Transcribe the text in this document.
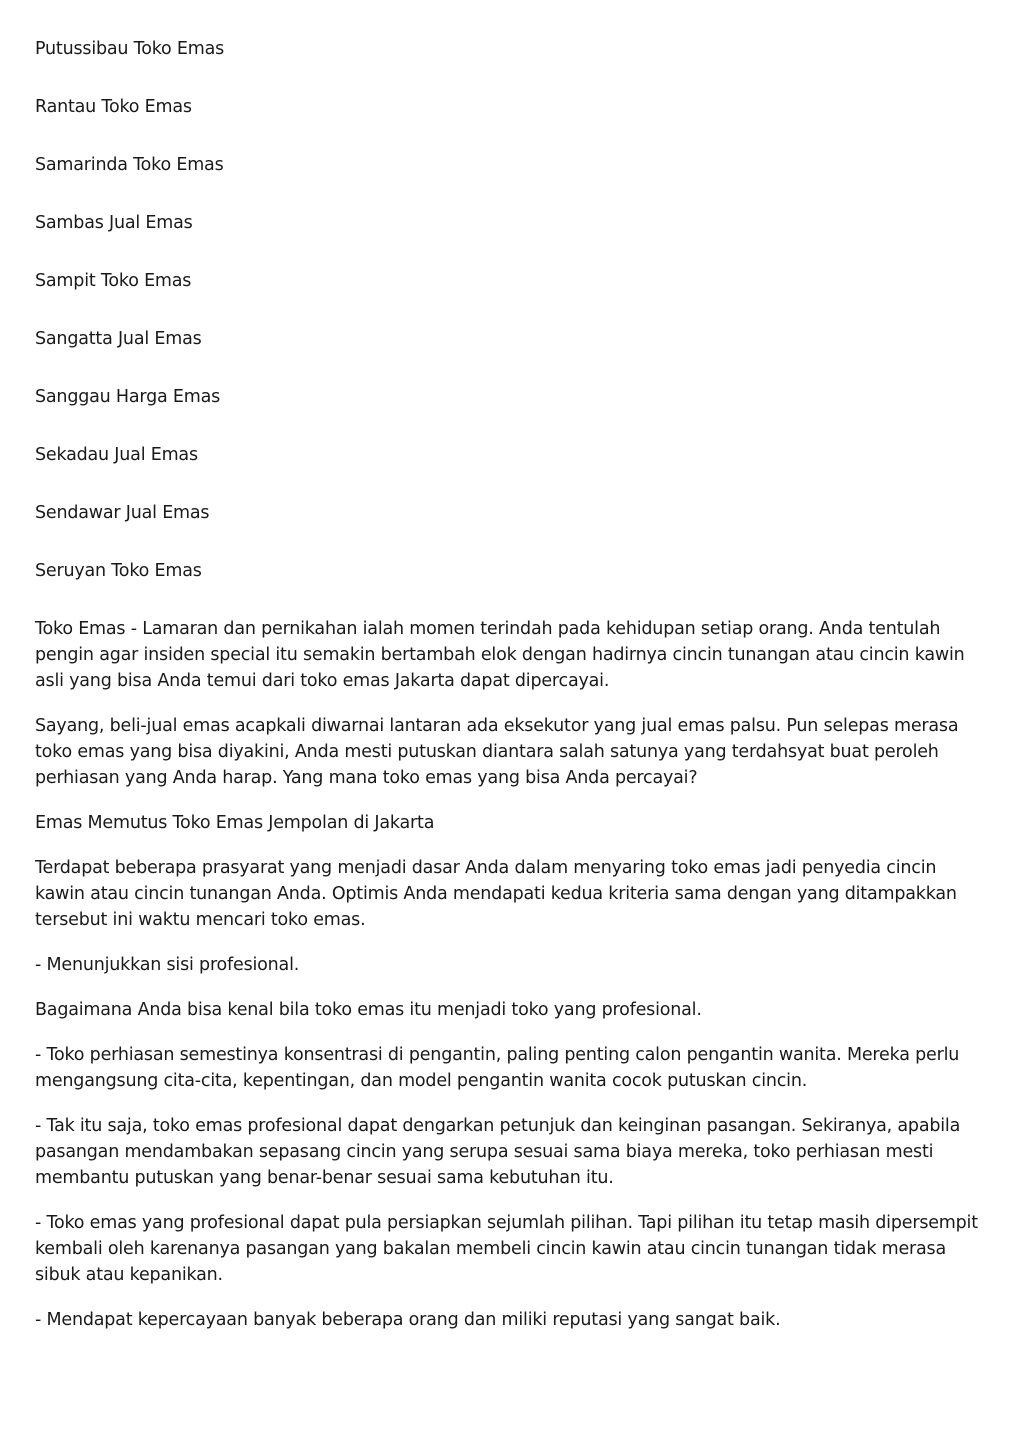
Putussibau Toko Emas
Rantau Toko Emas
Samarinda Toko Emas
Sambas Jual Emas
Sampit Toko Emas
Sangatta Jual Emas
Sanggau Harga Emas
Sekadau Jual Emas
Sendawar Jual Emas
Seruyan Toko Emas

Toko Emas - Lamaran dan pernikahan ialah momen terindah pada kehidupan setiap orang. Anda tentulah pengin agar insiden special itu semakin bertambah elok dengan hadirnya cincin tunangan atau cincin kawin asli yang bisa Anda temui dari toko emas Jakarta dapat dipercayai.

Sayang, beli-jual emas acapkali diwarnai lantaran ada eksekutor yang jual emas palsu. Pun selepas merasa toko emas yang bisa diyakini, Anda mesti putuskan diantara salah satunya yang terdahsyat buat peroleh perhiasan yang Anda harap. Yang mana toko emas yang bisa Anda percayai?

Emas Memutus Toko Emas Jempolan di Jakarta

Terdapat beberapa prasyarat yang menjadi dasar Anda dalam menyaring toko emas jadi penyedia cincin kawin atau cincin tunangan Anda. Optimis Anda mendapati kedua kriteria sama dengan yang ditampakkan tersebut ini waktu mencari toko emas.

- Menunjukkan sisi profesional.

Bagaimana Anda bisa kenal bila toko emas itu menjadi toko yang profesional.

- Toko perhiasan semestinya konsentrasi di pengantin, paling penting calon pengantin wanita. Mereka perlu mengangsung cita-cita, kepentingan, dan model pengantin wanita cocok putuskan cincin.

- Tak itu saja, toko emas profesional dapat dengarkan petunjuk dan keinginan pasangan. Sekiranya, apabila pasangan mendambakan sepasang cincin yang serupa sesuai sama biaya mereka, toko perhiasan mesti membantu putuskan yang benar-benar sesuai sama kebutuhan itu.

- Toko emas yang profesional dapat pula persiapkan sejumlah pilihan. Tapi pilihan itu tetap masih dipersempit kembali oleh karenanya pasangan yang bakalan membeli cincin kawin atau cincin tunangan tidak merasa sibuk atau kepanikan.

- Mendapat kepercayaan banyak beberapa orang dan miliki reputasi yang sangat baik.
